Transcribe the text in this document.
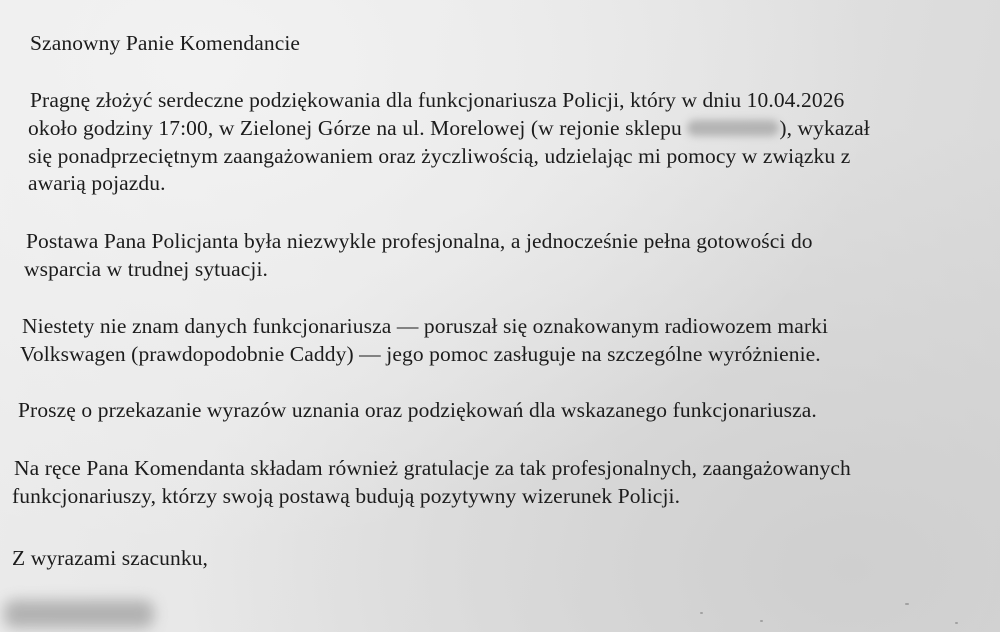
Szanowny Panie Komendancie

Pragnę złożyć serdeczne podziękowania dla funkcjonariusza Policji, który w dniu 10.04.2026

około godziny 17:00, w Zielonej Górze na ul. Morelowej (w rejonie sklepu	), wykazał

się ponadprzeciętnym zaangażowaniem oraz życzliwością, udzielając mi pomocy w związku z

awarią pojazdu.

Postawa Pana Policjanta była niezwykle profesjonalna, a jednocześnie pełna gotowości do

wsparcia w trudnej sytuacji.

Niestety nie znam danych funkcjonariusza — poruszał się oznakowanym radiowozem marki

Volkswagen (prawdopodobnie Caddy) — jego pomoc zasługuje na szczególne wyróżnienie.

Proszę o przekazanie wyrazów uznania oraz podziękowań dla wskazanego funkcjonariusza.

Na ręce Pana Komendanta składam również gratulacje za tak profesjonalnych, zaangażowanych

funkcjonariuszy, którzy swoją postawą budują pozytywny wizerunek Policji.

Z wyrazami szacunku,
